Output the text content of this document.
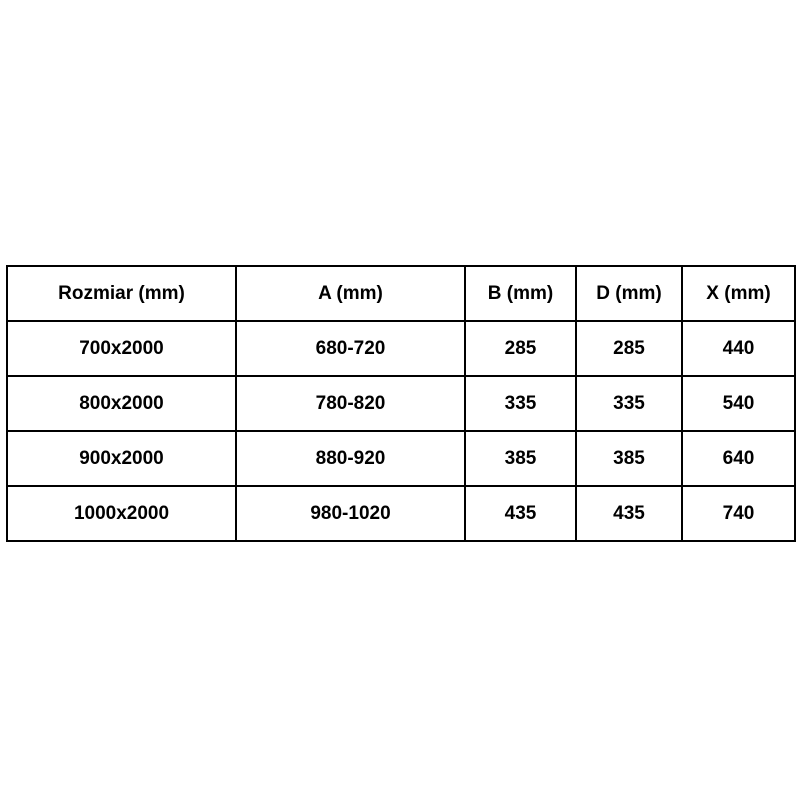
Rozmiar (mm)	A (mm)	B (mm)	D (mm)	X (mm)
700x2000	680-720	285	285	440
800x2000	780-820	335	335	540
900x2000	880-920	385	385	640
1000x2000	980-1020	435	435	740
